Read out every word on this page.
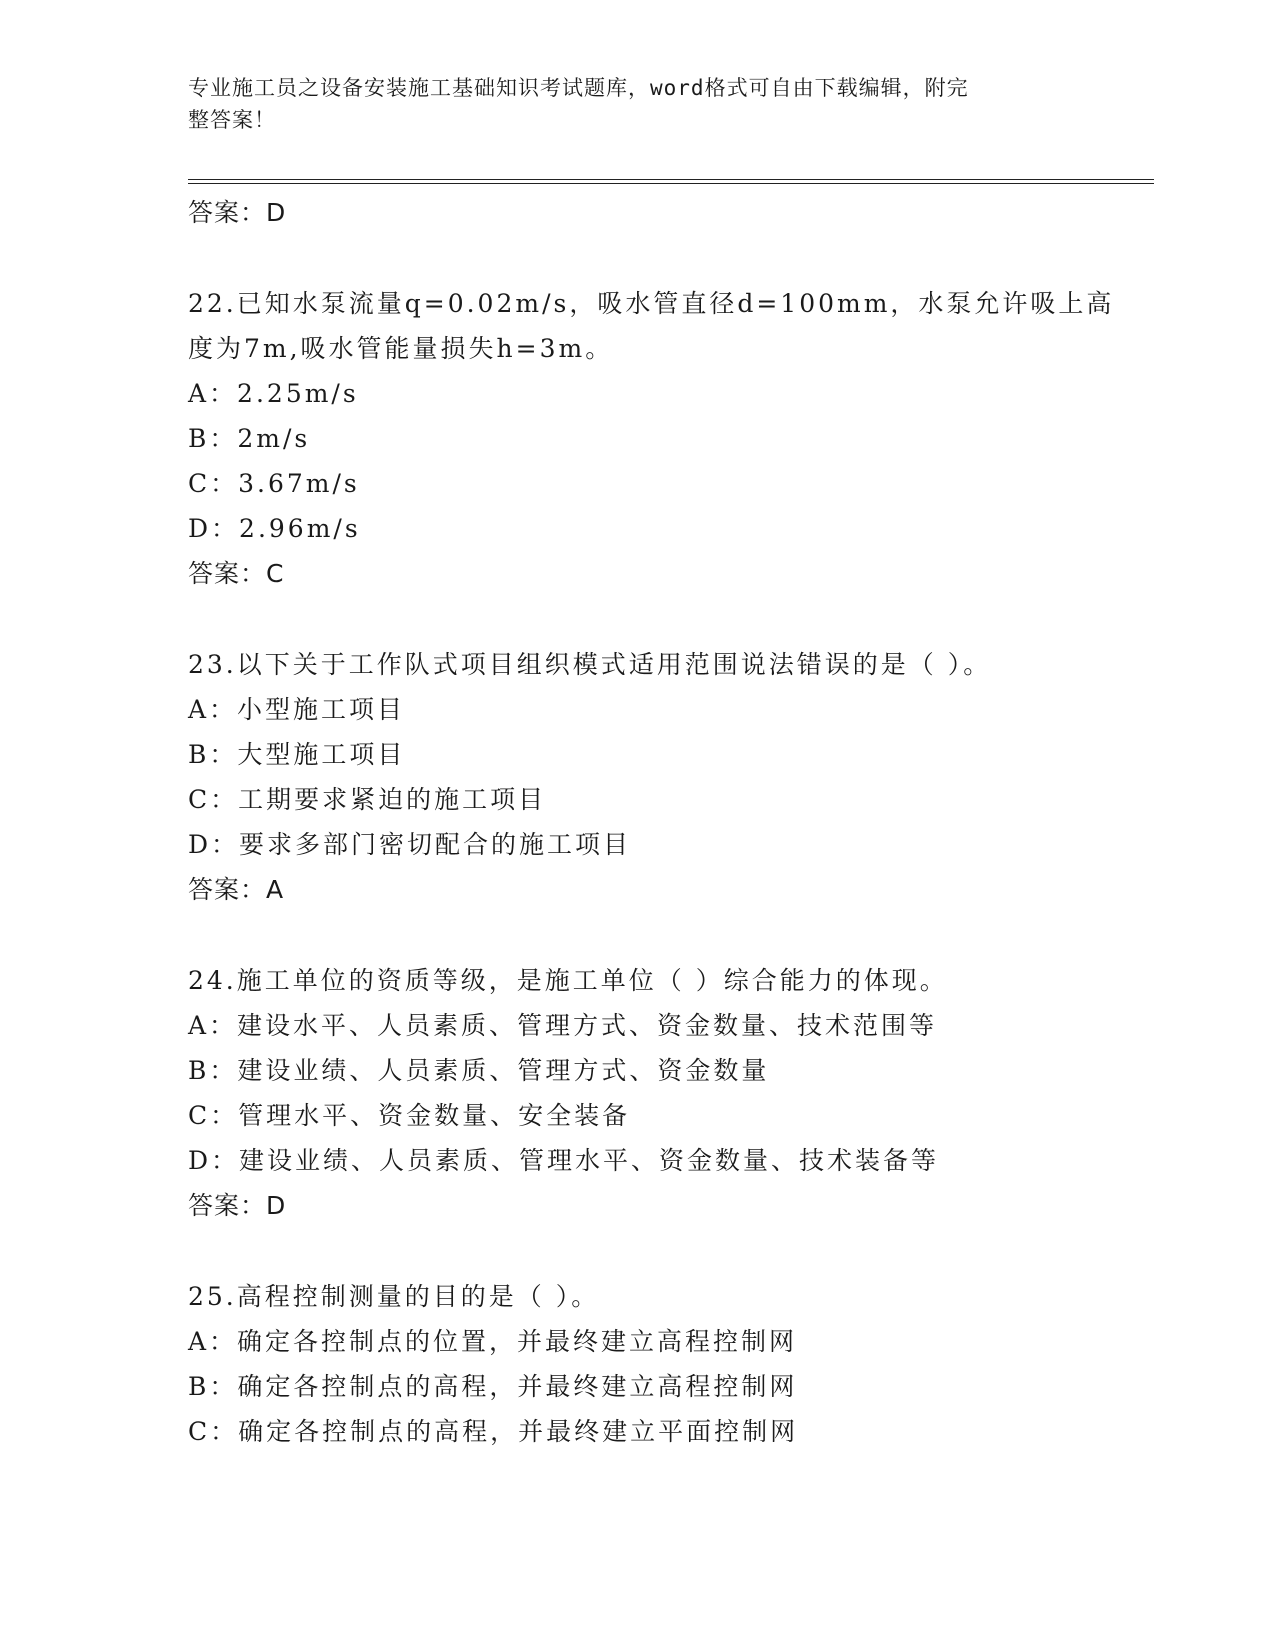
专业施工员之设备安装施工基础知识考试题库，word格式可自由下载编辑，附完
整答案！
答案：D
22.已知水泵流量q=0.02m/s，吸水管直径d=100mm，水泵允许吸上高
度为7m,吸水管能量损失h=3m。
A：2.25m/s
B：2m/s
C：3.67m/s
D：2.96m/s
答案：C
23.以下关于工作队式项目组织模式适用范围说法错误的是（ ）。
A：小型施工项目
B：大型施工项目
C：工期要求紧迫的施工项目
D：要求多部门密切配合的施工项目
答案：A
24.施工单位的资质等级，是施工单位（ ）综合能力的体现。
A：建设水平、人员素质、管理方式、资金数量、技术范围等
B：建设业绩、人员素质、管理方式、资金数量
C：管理水平、资金数量、安全装备
D：建设业绩、人员素质、管理水平、资金数量、技术装备等
答案：D
25.高程控制测量的目的是（ ）。
A：确定各控制点的位置，并最终建立高程控制网
B：确定各控制点的高程，并最终建立高程控制网
C：确定各控制点的高程，并最终建立平面控制网
